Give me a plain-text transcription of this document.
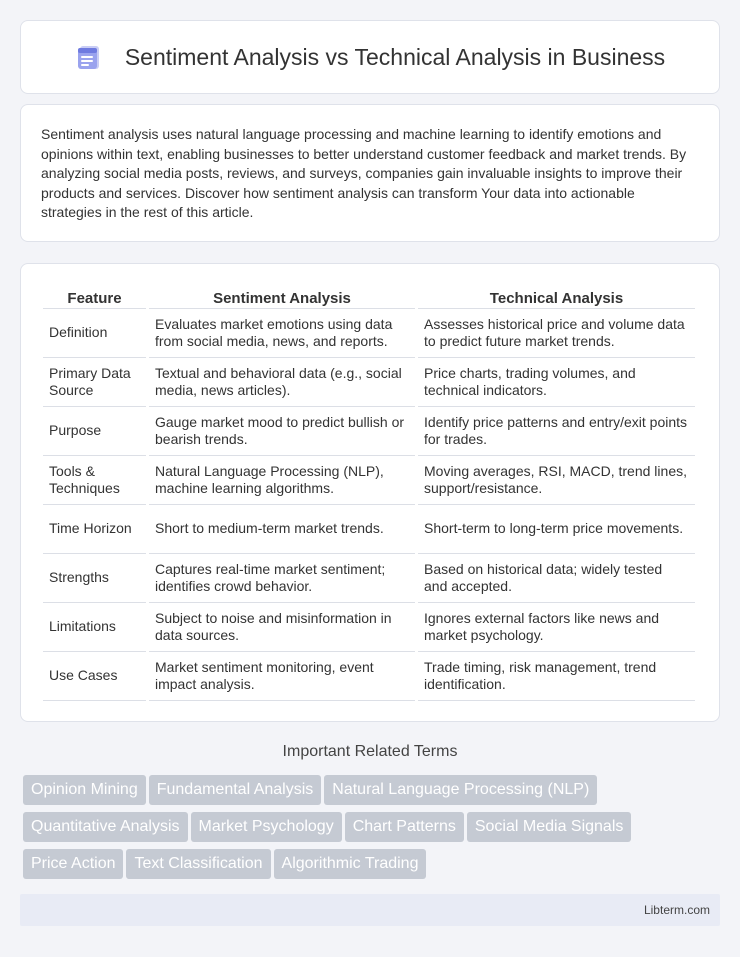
Sentiment Analysis vs Technical Analysis in Business

Sentiment analysis uses natural language processing and machine learning to identify emotions and opinions within text, enabling businesses to better understand customer feedback and market trends. By analyzing social media posts, reviews, and surveys, companies gain invaluable insights to improve their products and services. Discover how sentiment analysis can transform Your data into actionable strategies in the rest of this article.

Feature	Sentiment Analysis	Technical Analysis
Definition	Evaluates market emotions using data from social media, news, and reports.	Assesses historical price and volume data to predict future market trends.
Primary Data Source	Textual and behavioral data (e.g., social media, news articles).	Price charts, trading volumes, and technical indicators.
Purpose	Gauge market mood to predict bullish or bearish trends.	Identify price patterns and entry/exit points for trades.
Tools & Techniques	Natural Language Processing (NLP), machine learning algorithms.	Moving averages, RSI, MACD, trend lines, support/resistance.
Time Horizon	Short to medium-term market trends.	Short-term to long-term price movements.
Strengths	Captures real-time market sentiment; identifies crowd behavior.	Based on historical data; widely tested and accepted.
Limitations	Subject to noise and misinformation in data sources.	Ignores external factors like news and market psychology.
Use Cases	Market sentiment monitoring, event impact analysis.	Trade timing, risk management, trend identification.
Important Related Terms
Opinion Mining Fundamental Analysis Natural Language Processing (NLP)
Quantitative Analysis Market Psychology Chart Patterns Social Media Signals
Price Action Text Classification Algorithmic Trading
Libterm.com
